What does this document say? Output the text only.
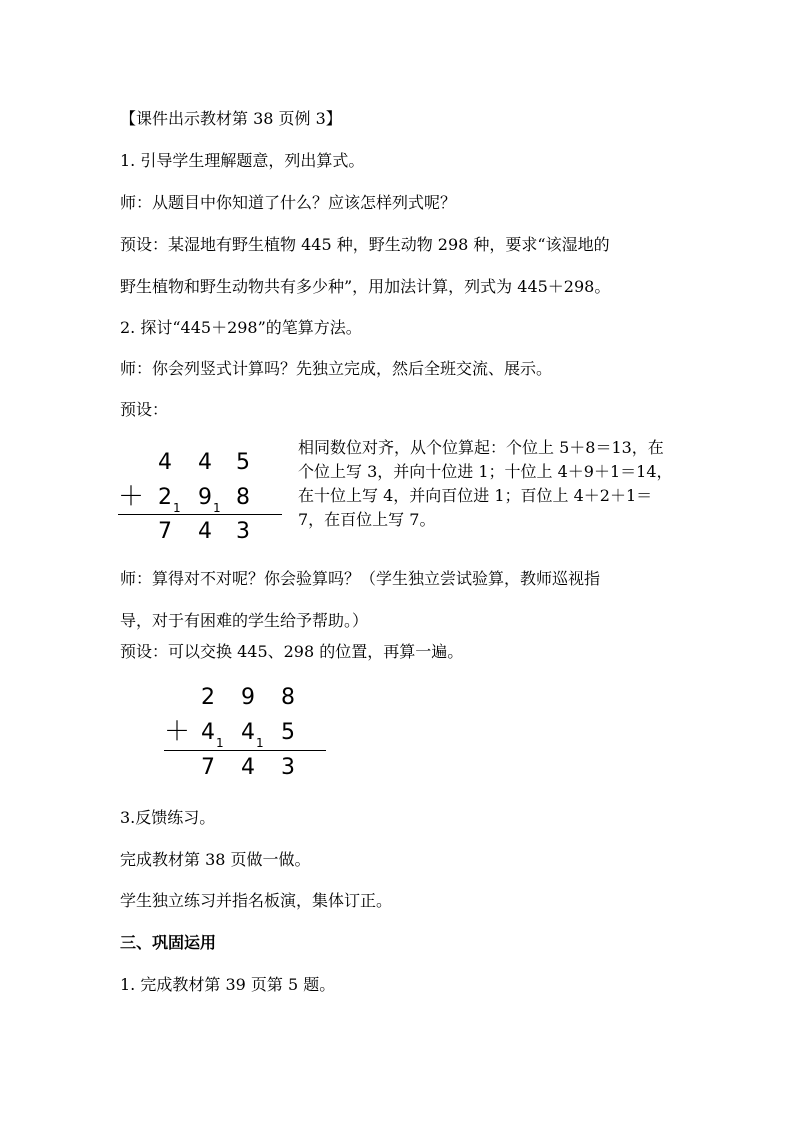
【课件出示教材第 38 页例 3】
1. 引导学生理解题意，列出算式。
师：从题目中你知道了什么？应该怎样列式呢？
预设：某湿地有野生植物 445 种，野生动物 298 种，要求“该湿地的
野生植物和野生动物共有多少种”，用加法计算，列式为 445＋298。
2. 探讨“445＋298”的笔算方法。
师：你会列竖式计算吗？先独立完成，然后全班交流、展示。
预设：
4 4 5
＋ 2 1 9 1 8
7 4 3
相同数位对齐，从个位算起：个位上 5＋8＝13，在个位上写 3，并向十位进 1；十位上 4＋9＋1＝14，在十位上写 4，并向百位进 1；百位上 4＋2＋1＝7，在百位上写 7。
师：算得对不对呢？你会验算吗？（学生独立尝试验算，教师巡视指
导，对于有困难的学生给予帮助。）
预设：可以交换 445、298 的位置，再算一遍。
2 9 8
＋ 4 1 4 1 5
7 4 3
3.反馈练习。
完成教材第 38 页做一做。
学生独立练习并指名板演，集体订正。
三、巩固运用
1. 完成教材第 39 页第 5 题。
